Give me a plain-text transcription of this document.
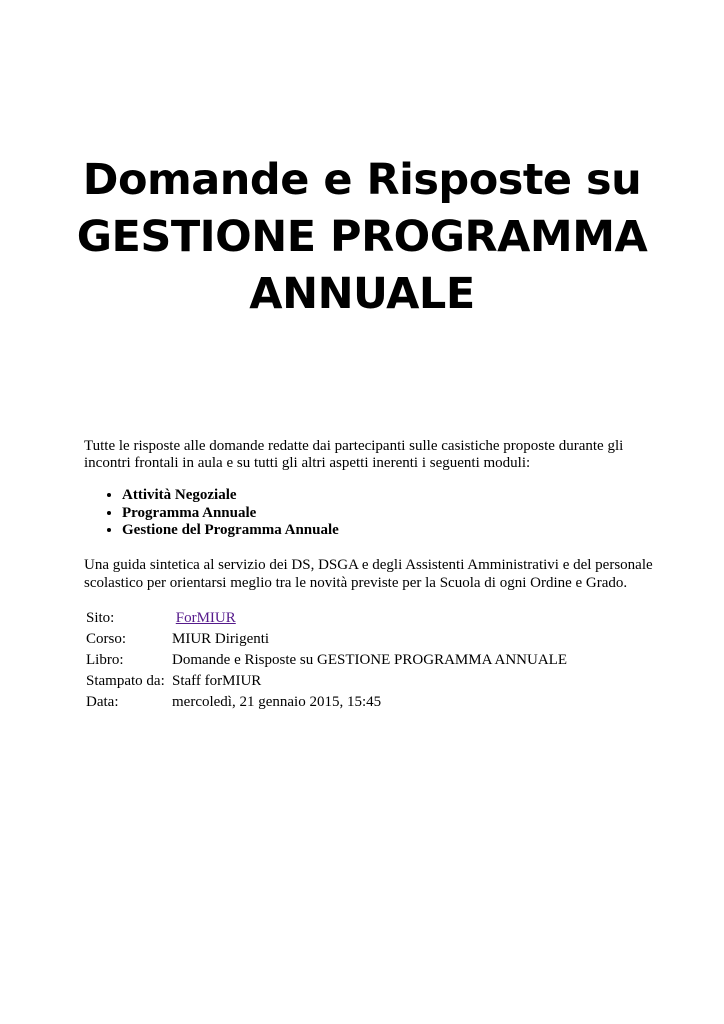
Domande e Risposte su
GESTIONE PROGRAMMA
ANNUALE

Tutte le risposte alle domande redatte dai partecipanti sulle casistiche proposte durante gli
incontri frontali in aula e su tutti gli altri aspetti inerenti i seguenti moduli:

• Attività Negoziale
• Programma Annuale
• Gestione del Programma Annuale

Una guida sintetica al servizio dei DS, DSGA e degli Assistenti Amministrativi e del personale
scolastico per orientarsi meglio tra le novità previste per la Scuola di ogni Ordine e Grado.

Sito:	ForMIUR
Corso:	MIUR Dirigenti
Libro:	Domande e Risposte su GESTIONE PROGRAMMA ANNUALE
Stampato da:	Staff forMIUR
Data:	mercoledì, 21 gennaio 2015, 15:45
